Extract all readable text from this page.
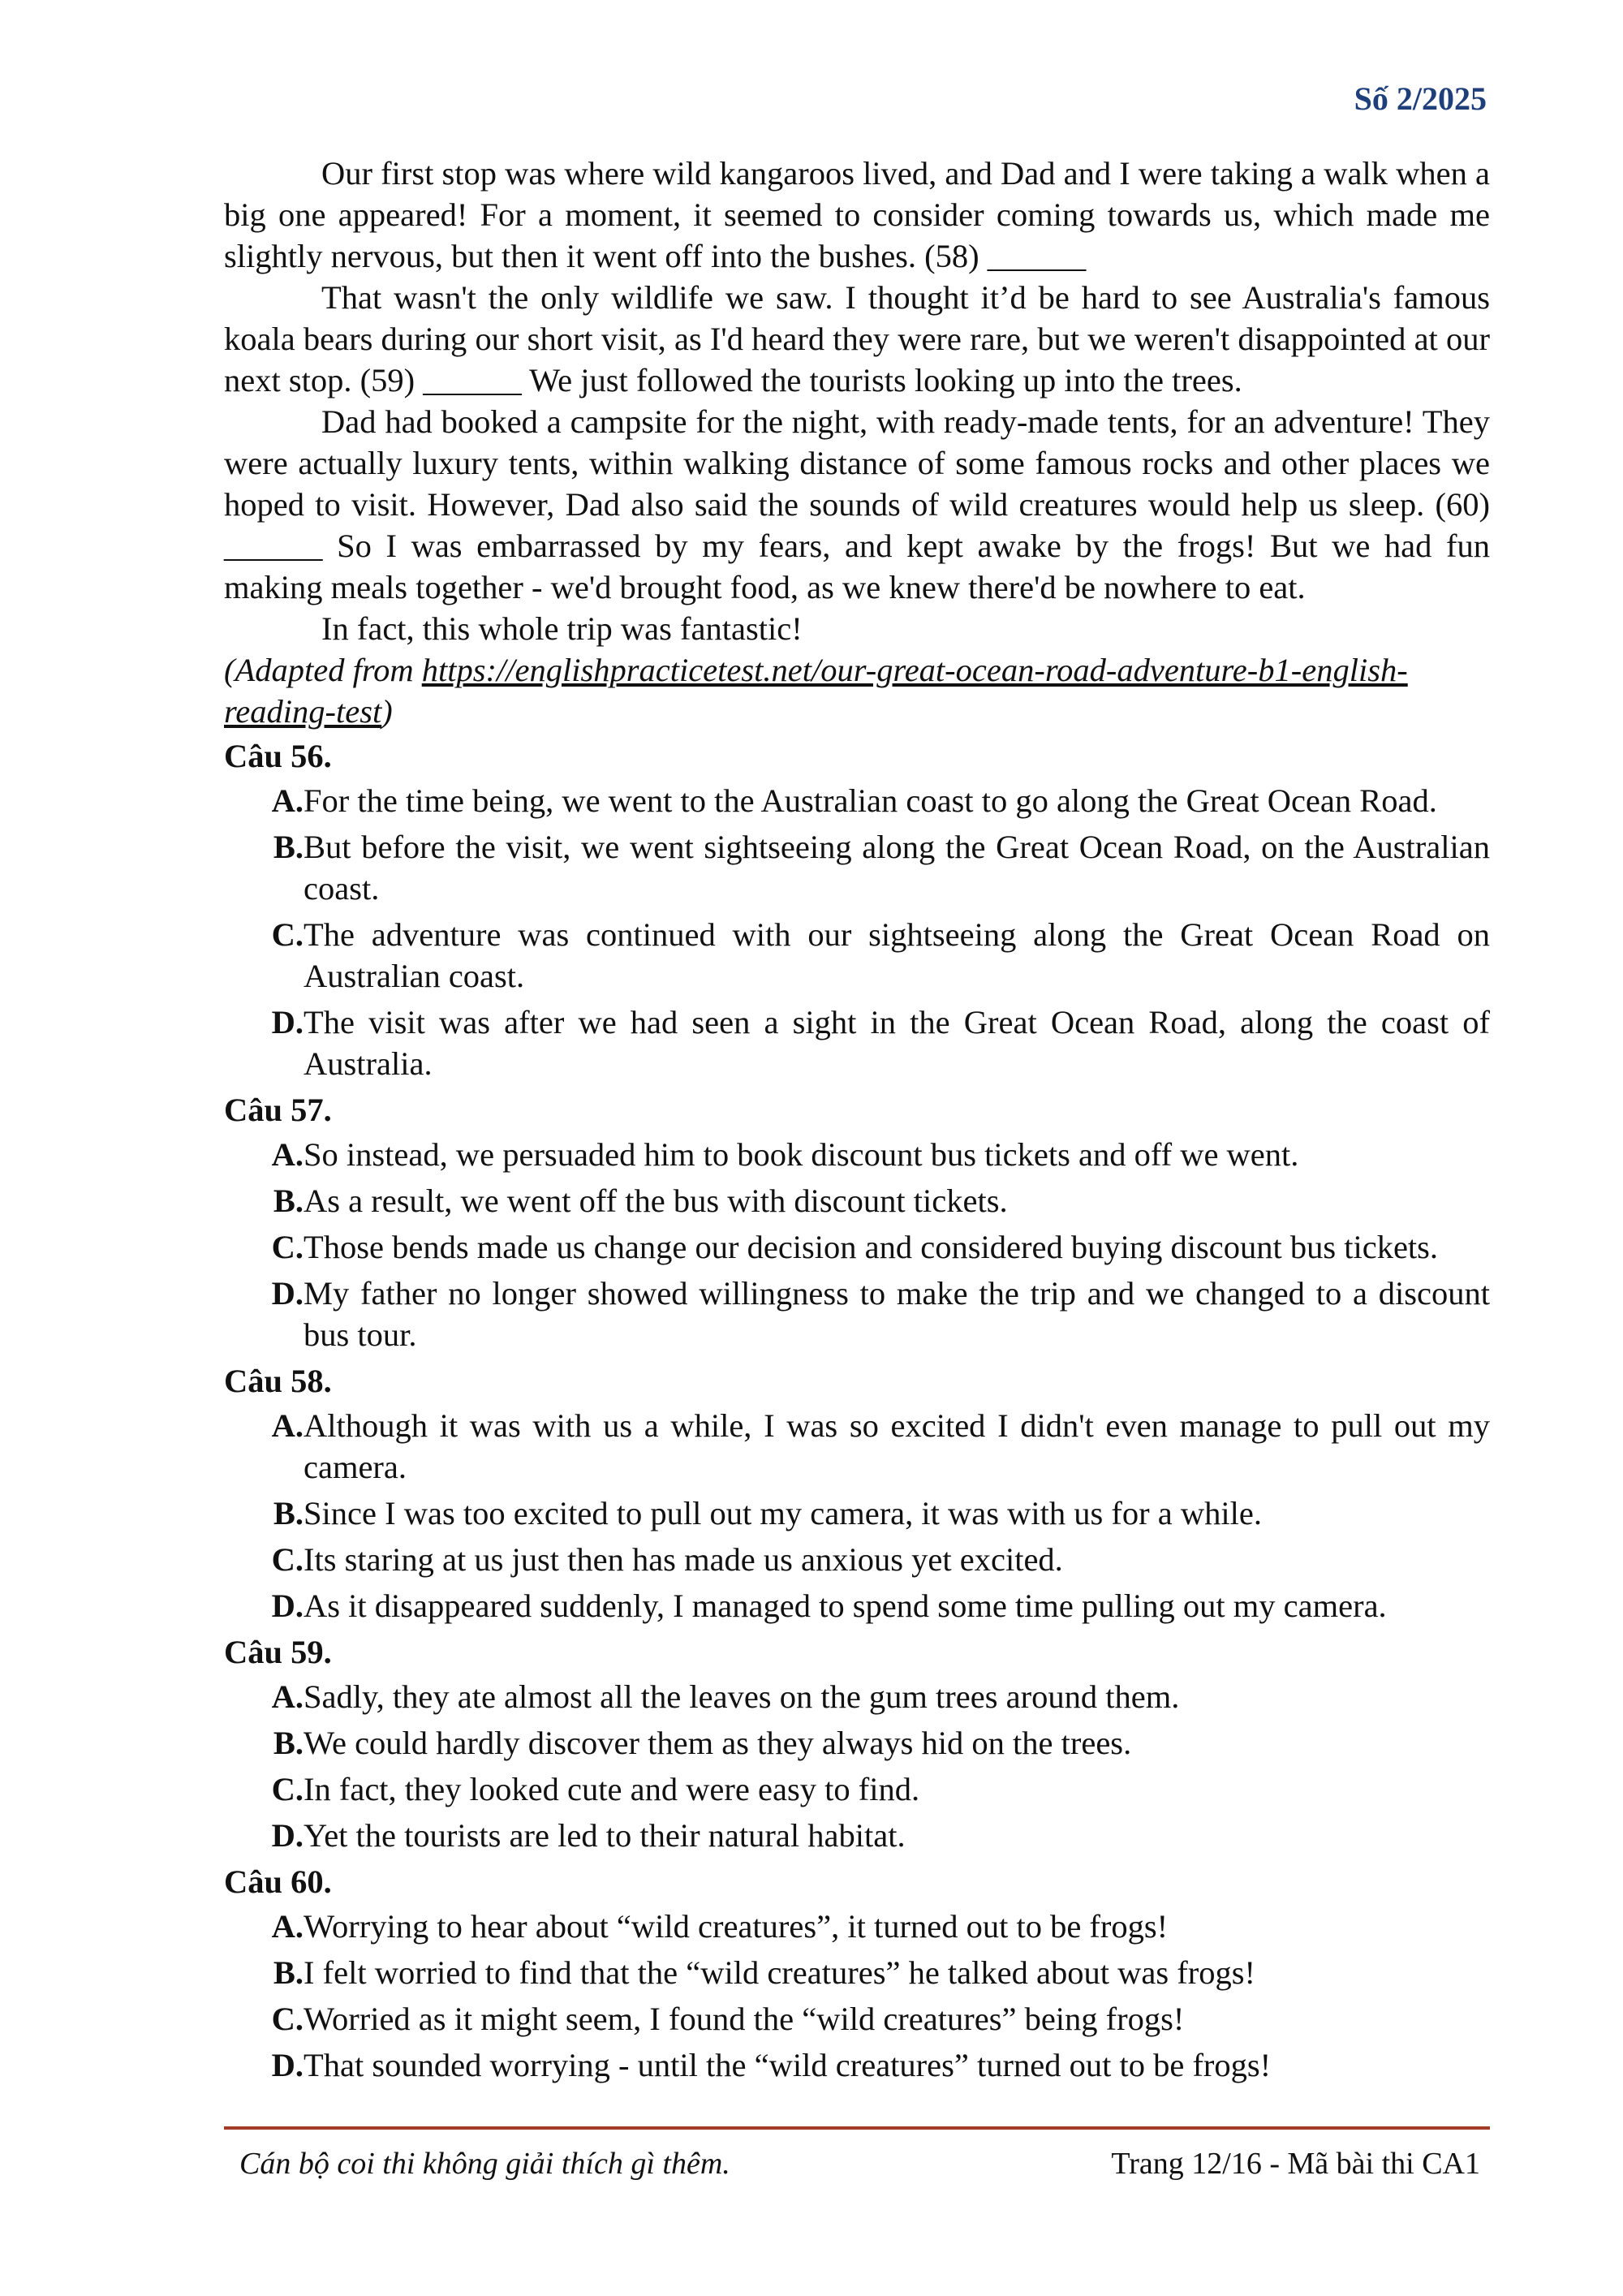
Số 2/2025

Our first stop was where wild kangaroos lived, and Dad and I were taking a walk when a big one appeared! For a moment, it seemed to consider coming towards us, which made me slightly nervous, but then it went off into the bushes. (58) ______

That wasn't the only wildlife we saw. I thought it’d be hard to see Australia's famous koala bears during our short visit, as I'd heard they were rare, but we weren't disappointed at our next stop. (59) ______ We just followed the tourists looking up into the trees.

Dad had booked a campsite for the night, with ready-made tents, for an adventure! They were actually luxury tents, within walking distance of some famous rocks and other places we hoped to visit. However, Dad also said the sounds of wild creatures would help us sleep. (60) ______ So I was embarrassed by my fears, and kept awake by the frogs! But we had fun making meals together - we'd brought food, as we knew there'd be nowhere to eat.

In fact, this whole trip was fantastic!

(Adapted from https://englishpracticetest.net/our-great-ocean-road-adventure-b1-english-reading-test)

Câu 56.
A. For the time being, we went to the Australian coast to go along the Great Ocean Road.
B. But before the visit, we went sightseeing along the Great Ocean Road, on the Australian coast.
C. The adventure was continued with our sightseeing along the Great Ocean Road on Australian coast.
D. The visit was after we had seen a sight in the Great Ocean Road, along the coast of Australia.
Câu 57.
A. So instead, we persuaded him to book discount bus tickets and off we went.
B. As a result, we went off the bus with discount tickets.
C. Those bends made us change our decision and considered buying discount bus tickets.
D. My father no longer showed willingness to make the trip and we changed to a discount bus tour.
Câu 58.
A. Although it was with us a while, I was so excited I didn't even manage to pull out my camera.
B. Since I was too excited to pull out my camera, it was with us for a while.
C. Its staring at us just then has made us anxious yet excited.
D. As it disappeared suddenly, I managed to spend some time pulling out my camera.
Câu 59.
A. Sadly, they ate almost all the leaves on the gum trees around them.
B. We could hardly discover them as they always hid on the trees.
C. In fact, they looked cute and were easy to find.
D. Yet the tourists are led to their natural habitat.
Câu 60.
A. Worrying to hear about “wild creatures”, it turned out to be frogs!
B. I felt worried to find that the “wild creatures” he talked about was frogs!
C. Worried as it might seem, I found the “wild creatures” being frogs!
D. That sounded worrying - until the “wild creatures” turned out to be frogs!
Cán bộ coi thi không giải thích gì thêm.	Trang 12/16 - Mã bài thi CA1
